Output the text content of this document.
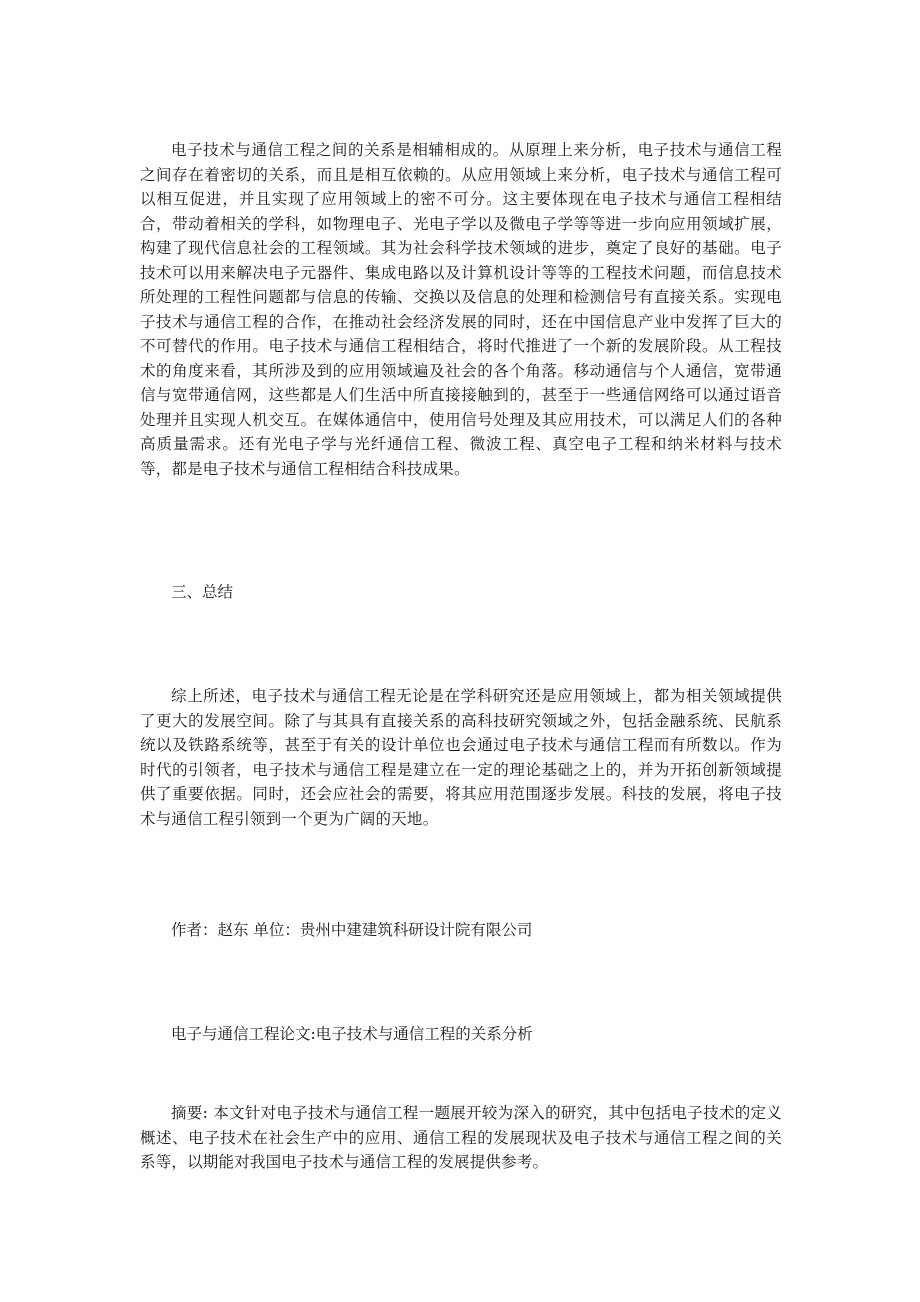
电子技术与通信工程之间的关系是相辅相成的。从原理上来分析，电子技术与通信工程之间存在着密切的关系，而且是相互依赖的。从应用领域上来分析，电子技术与通信工程可以相互促进，并且实现了应用领域上的密不可分。这主要体现在电子技术与通信工程相结合，带动着相关的学科，如物理电子、光电子学以及微电子学等等进一步向应用领域扩展，构建了现代信息社会的工程领域。其为社会科学技术领域的进步，奠定了良好的基础。电子技术可以用来解决电子元器件、集成电路以及计算机设计等等的工程技术问题，而信息技术所处理的工程性问题都与信息的传输、交换以及信息的处理和检测信号有直接关系。实现电子技术与通信工程的合作，在推动社会经济发展的同时，还在中国信息产业中发挥了巨大的不可替代的作用。电子技术与通信工程相结合，将时代推进了一个新的发展阶段。从工程技术的角度来看，其所涉及到的应用领域遍及社会的各个角落。移动通信与个人通信，宽带通信与宽带通信网，这些都是人们生活中所直接接触到的，甚至于一些通信网络可以通过语音处理并且实现人机交互。在媒体通信中，使用信号处理及其应用技术，可以满足人们的各种高质量需求。还有光电子学与光纤通信工程、微波工程、真空电子工程和纳米材料与技术等，都是电子技术与通信工程相结合科技成果。

三、总结

综上所述，电子技术与通信工程无论是在学科研究还是应用领域上，都为相关领域提供了更大的发展空间。除了与其具有直接关系的高科技研究领域之外，包括金融系统、民航系统以及铁路系统等，甚至于有关的设计单位也会通过电子技术与通信工程而有所数以。作为时代的引领者，电子技术与通信工程是建立在一定的理论基础之上的，并为开拓创新领域提供了重要依据。同时，还会应社会的需要，将其应用范围逐步发展。科技的发展，将电子技术与通信工程引领到一个更为广阔的天地。

作者：赵东 单位：贵州中建建筑科研设计院有限公司

电子与通信工程论文:电子技术与通信工程的关系分析

摘要: 本文针对电子技术与通信工程一题展开较为深入的研究，其中包括电子技术的定义概述、电子技术在社会生产中的应用、通信工程的发展现状及电子技术与通信工程之间的关系等，以期能对我国电子技术与通信工程的发展提供参考。
